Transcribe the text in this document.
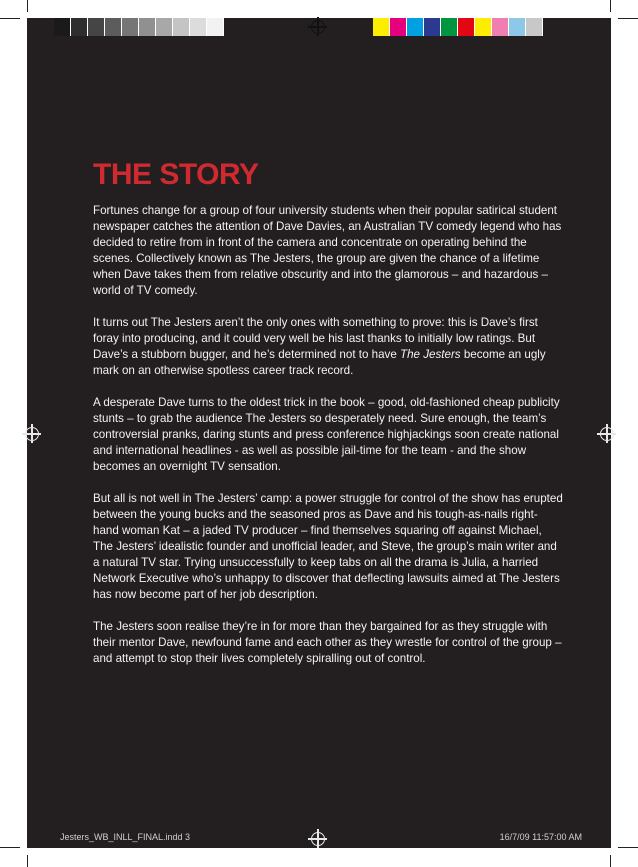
THE STORY

Fortunes change for a group of four university students when their popular satirical student newspaper catches the attention of Dave Davies, an Australian TV comedy legend who has decided to retire from in front of the camera and concentrate on operating behind the scenes. Collectively known as The Jesters, the group are given the chance of a lifetime when Dave takes them from relative obscurity and into the glamorous – and hazardous – world of TV comedy.

It turns out The Jesters aren’t the only ones with something to prove: this is Dave’s first foray into producing, and it could very well be his last thanks to initially low ratings. But Dave’s a stubborn bugger, and he’s determined not to have The Jesters become an ugly mark on an otherwise spotless career track record.

A desperate Dave turns to the oldest trick in the book – good, old-fashioned cheap publicity stunts – to grab the audience The Jesters so desperately need. Sure enough, the team’s controversial pranks, daring stunts and press conference highjackings soon create national and international headlines - as well as possible jail-time for the team - and the show becomes an overnight TV sensation.

But all is not well in The Jesters’ camp: a power struggle for control of the show has erupted between the young bucks and the seasoned pros as Dave and his tough-as-nails right-hand woman Kat – a jaded TV producer – find themselves squaring off against Michael, The Jesters’ idealistic founder and unofficial leader, and Steve, the group’s main writer and a natural TV star. Trying unsuccessfully to keep tabs on all the drama is Julia, a harried Network Executive who’s unhappy to discover that deflecting lawsuits aimed at The Jesters has now become part of her job description.

The Jesters soon realise they’re in for more than they bargained for as they struggle with their mentor Dave, newfound fame and each other as they wrestle for control of the group – and attempt to stop their lives completely spiralling out of control.

Jesters_WB_INLL_FINAL.indd 3	16/7/09 11:57:00 AM
